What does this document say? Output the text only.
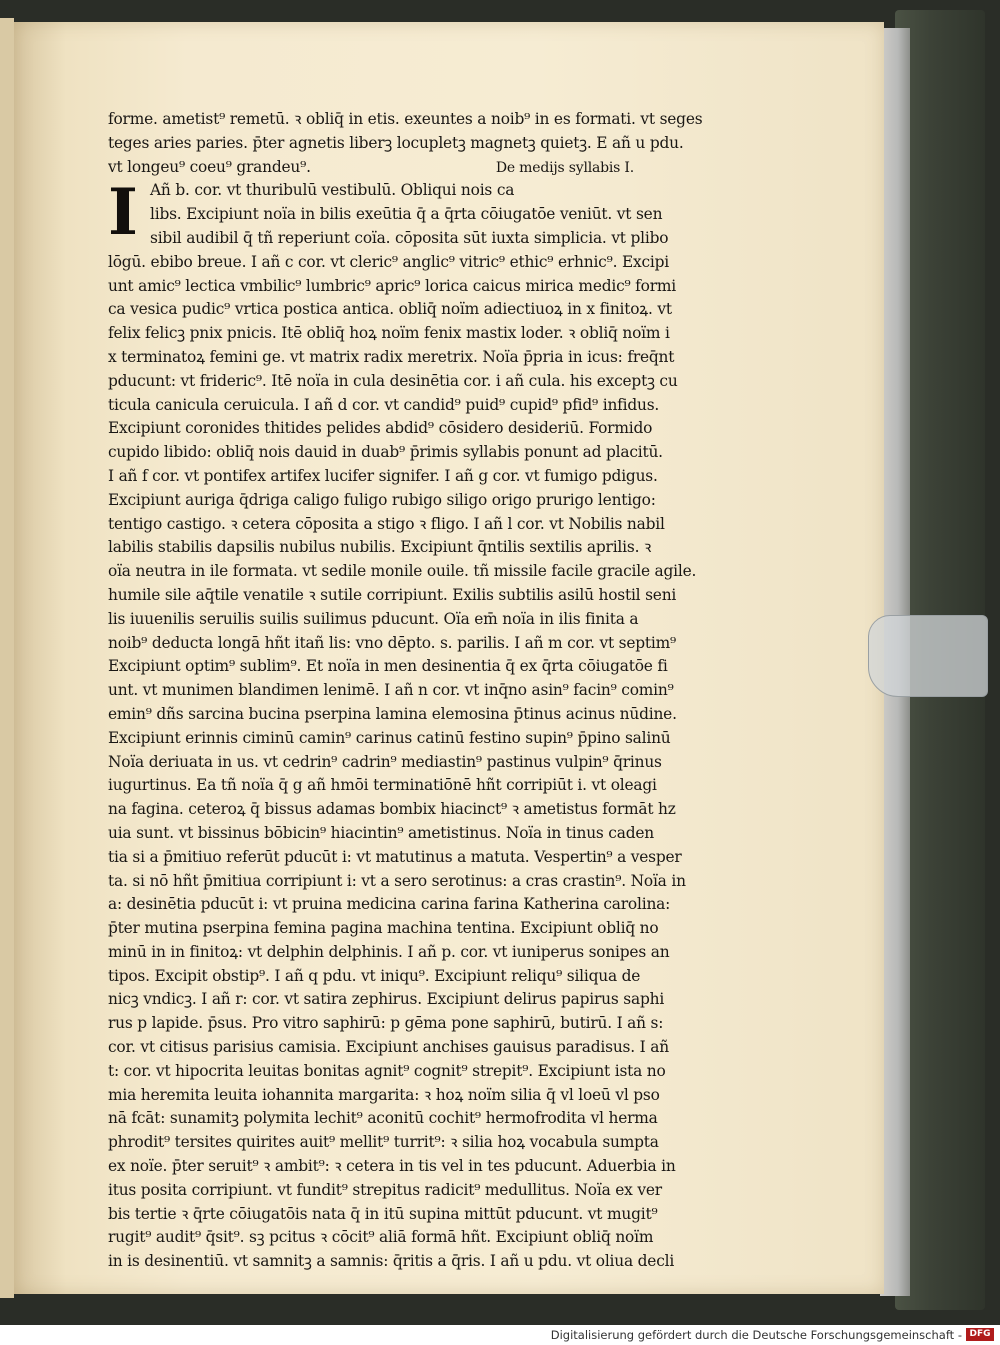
I
forme. ametist⁹ remetū. ꝛ obliq̄ in etis. exeuntes a noib⁹ in es formati. vt seges
teges aries paries. p̄ter agnetis liberꝫ locupletꝫ magnetꝫ quietꝫ. E añ u pdu.
vt longeu⁹ coeu⁹ grandeu⁹.	De medijs syllabis I.
Añ b. cor. vt thuribulū vestibulū. Obliqui nois ca
libs. Excipiunt noïa in bilis exeūtia q̄ a q̄rta cōiugatōe veniūt. vt sen
sibil audibil q̄ tñ reperiunt coïa. cōposita sūt iuxta simplicia. vt plibo
lōgū. ebibo breue. I añ c cor. vt cleric⁹ anglic⁹ vitric⁹ ethic⁹ erhnic⁹. Excipi
unt amic⁹ lectica vmbilic⁹ lumbric⁹ apric⁹ lorica caicus mirica medic⁹ formi
ca vesica pudic⁹ vrtica postica antica. obliq̄ noïm adiectiuoꝝ in x finitoꝝ. vt
felix felicꝫ pnix pnicis. Itē obliq̄ hoꝝ noïm fenix mastix loder. ꝛ obliq̄ noïm i
x terminatoꝝ femini ge. vt matrix radix meretrix. Noïa p̄pria in icus: freq̄nt
pducunt: vt frideric⁹. Itē noïa in cula desinētia cor. i añ cula. his exceptꝫ cu
ticula canicula ceruicula. I añ d cor. vt candid⁹ puid⁹ cupid⁹ pfid⁹ infidus.
Excipiunt coronides thitides pelides abdid⁹ cōsidero desideriū. Formido
cupido libido: obliq̄ nois dauid in duab⁹ p̄rimis syllabis ponunt ad placitū.
I añ f cor. vt pontifex artifex lucifer signifer. I añ g cor. vt fumigo pdigus.
Excipiunt auriga q̄driga caligo fuligo rubigo siligo origo prurigo lentigo:
tentigo castigo. ꝛ cetera cōposita a stigo ꝛ fligo. I añ l cor. vt Nobilis nabil
labilis stabilis dapsilis nubilus nubilis. Excipiunt q̄ntilis sextilis aprilis. ꝛ
oïa neutra in ile formata. vt sedile monile ouile. tñ missile facile gracile agile.
humile sile aq̄tile venatile ꝛ sutile corripiunt. Exilis subtilis asilū hostil seni
lis iuuenilis seruilis suilis suilimus pducunt. Oïa em̄ noïa in ilis finita a
noib⁹ deducta longā hñt itañ lis: vno dēpto. s. parilis. I añ m cor. vt septim⁹
Excipiunt optim⁹ sublim⁹. Et noïa in men desinentia q̄ ex q̄rta cōiugatōe fi
unt. vt munimen blandimen lenimē. I añ n cor. vt inq̄no asin⁹ facin⁹ comin⁹
emin⁹ dñs sarcina bucina pserpina lamina elemosina p̄tinus acinus nūdine.
Excipiunt erinnis ciminū camin⁹ carinus catinū festino supin⁹ p̄pino salinū
Noïa deriuata in us. vt cedrin⁹ cadrin⁹ mediastin⁹ pastinus vulpin⁹ q̄rinus
iugurtinus. Ea tñ noïa q̄ g añ hmōi terminatiōnē hñt corripiūt i. vt oleagi
na fagina. ceteroꝝ q̄ bissus adamas bombix hiacinct⁹ ꝛ ametistus formāt hz
uia sunt. vt bissinus bōbicin⁹ hiacintin⁹ ametistinus. Noïa in tinus caden
tia si a p̄mitiuo referūt pducūt i: vt matutinus a matuta. Vespertin⁹ a vesper
ta. si nō hñt p̄mitiua corripiunt i: vt a sero serotinus: a cras crastin⁹. Noïa in
a: desinētia pducūt i: vt pruina medicina carina farina Katherina carolina:
p̄ter mutina pserpina femina pagina machina tentina. Excipiunt obliq̄ no
minū in in finitoꝝ: vt delphin delphinis. I añ p. cor. vt iuniperus sonipes an
tipos. Excipit obstip⁹. I añ q pdu. vt iniqu⁹. Excipiunt reliqu⁹ siliqua de
nicꝫ vndicꝫ. I añ r: cor. vt satira zephirus. Excipiunt delirus papirus saphi
rus p lapide. p̄sus. Pro vitro saphirū: p gēma pone saphirū, butirū. I añ s:
cor. vt citisus parisius camisia. Excipiunt anchises gauisus paradisus. I añ
t: cor. vt hipocrita leuitas bonitas agnit⁹ cognit⁹ strepit⁹. Excipiunt ista no
mia heremita leuita iohannita margarita: ꝛ hoꝝ noïm silia q̄ vl loeū vl pso
nā fcāt: sunamitꝫ polymita lechit⁹ aconitū cochit⁹ hermofrodita vl herma
phrodit⁹ tersites quirites auit⁹ mellit⁹ turrit⁹: ꝛ silia hoꝝ vocabula sumpta
ex noïe. p̄ter seruit⁹ ꝛ ambit⁹: ꝛ cetera in tis vel in tes pducunt. Aduerbia in
itus posita corripiunt. vt fundit⁹ strepitus radicit⁹ medullitus. Noïa ex ver
bis tertie ꝛ q̄rte cōiugatōis nata q̄ in itū supina mittūt pducunt. vt mugit⁹
rugit⁹ audit⁹ q̄sit⁹. sꝫ pcitus ꝛ cōcit⁹ aliā formā hñt. Excipiunt obliq̄ noïm
in is desinentiū. vt samnitꝫ a samnis: q̄ritis a q̄ris. I añ u pdu. vt oliua decli
Digitalisierung gefördert durch die Deutsche Forschungsgemeinschaft - DFG
